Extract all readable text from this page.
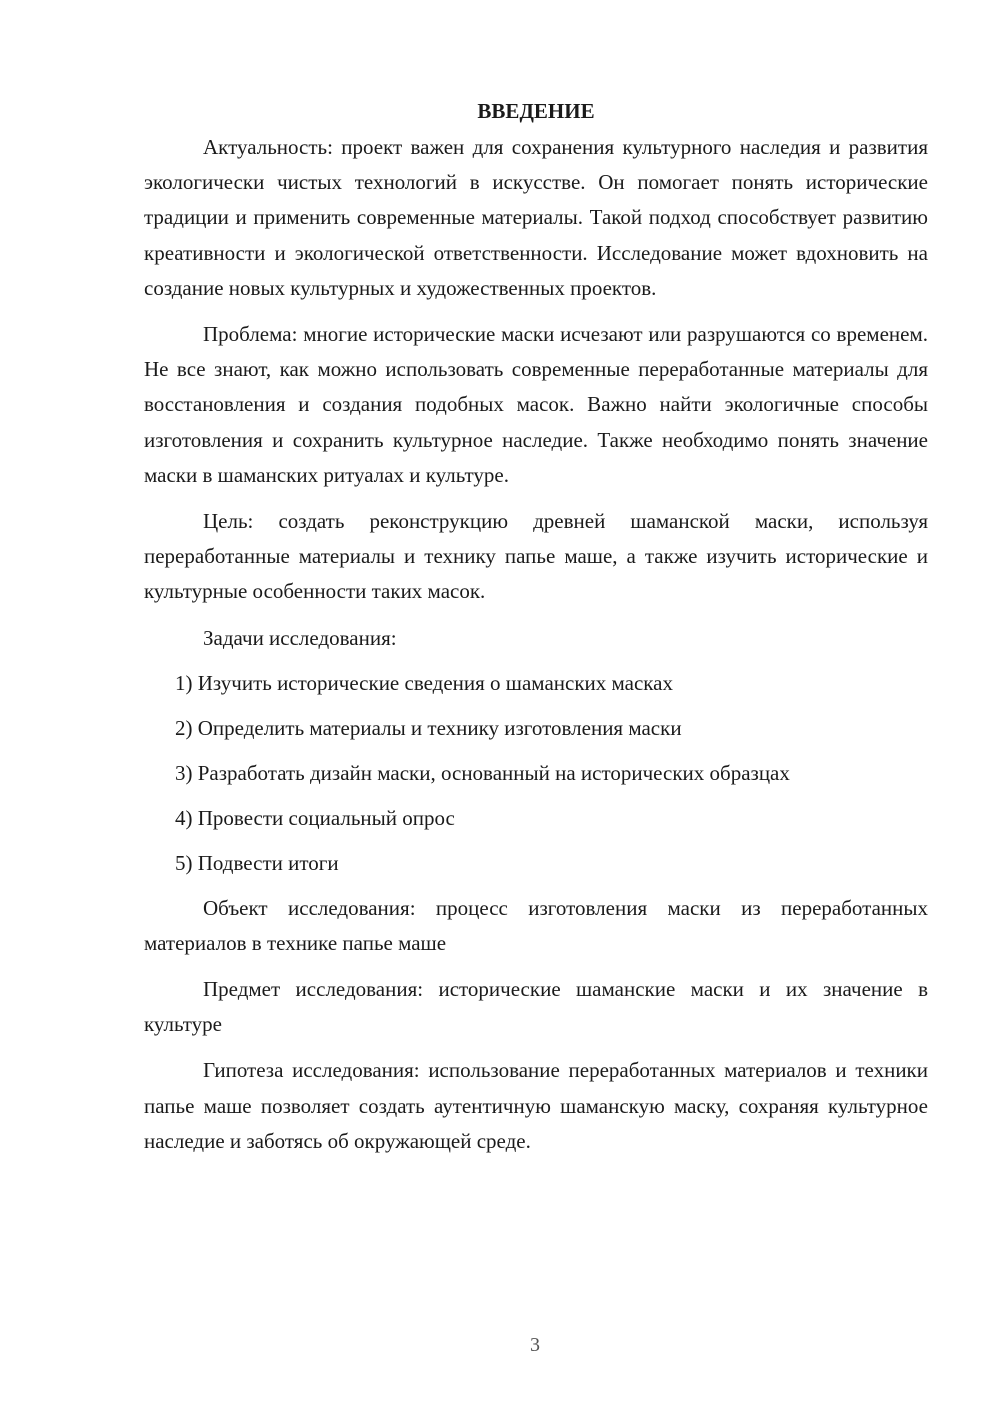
ВВЕДЕНИЕ

Актуальность: проект важен для сохранения культурного наследия и развития экологически чистых технологий в искусстве. Он помогает понять исторические традиции и применить современные материалы. Такой подход способствует развитию креативности и экологической ответственности. Исследование может вдохновить на создание новых культурных и художественных проектов.

Проблема: многие исторические маски исчезают или разрушаются со временем. Не все знают, как можно использовать современные переработанные материалы для восстановления и создания подобных масок. Важно найти экологичные способы изготовления и сохранить культурное наследие. Также необходимо понять значение маски в шаманских ритуалах и культуре.

Цель: создать реконструкцию древней шаманской маски, используя переработанные материалы и технику папье маше, а также изучить исторические и культурные особенности таких масок.

Задачи исследования:

1) Изучить исторические сведения о шаманских масках
2) Определить материалы и технику изготовления маски
3) Разработать дизайн маски, основанный на исторических образцах
4) Провести социальный опрос
5) Подвести итоги

Объект исследования: процесс изготовления маски из переработанных материалов в технике папье маше

Предмет исследования: исторические шаманские маски и их значение в культуре

Гипотеза исследования: использование переработанных материалов и техники папье маше позволяет создать аутентичную шаманскую маску, сохраняя культурное наследие и заботясь об окружающей среде.

3
